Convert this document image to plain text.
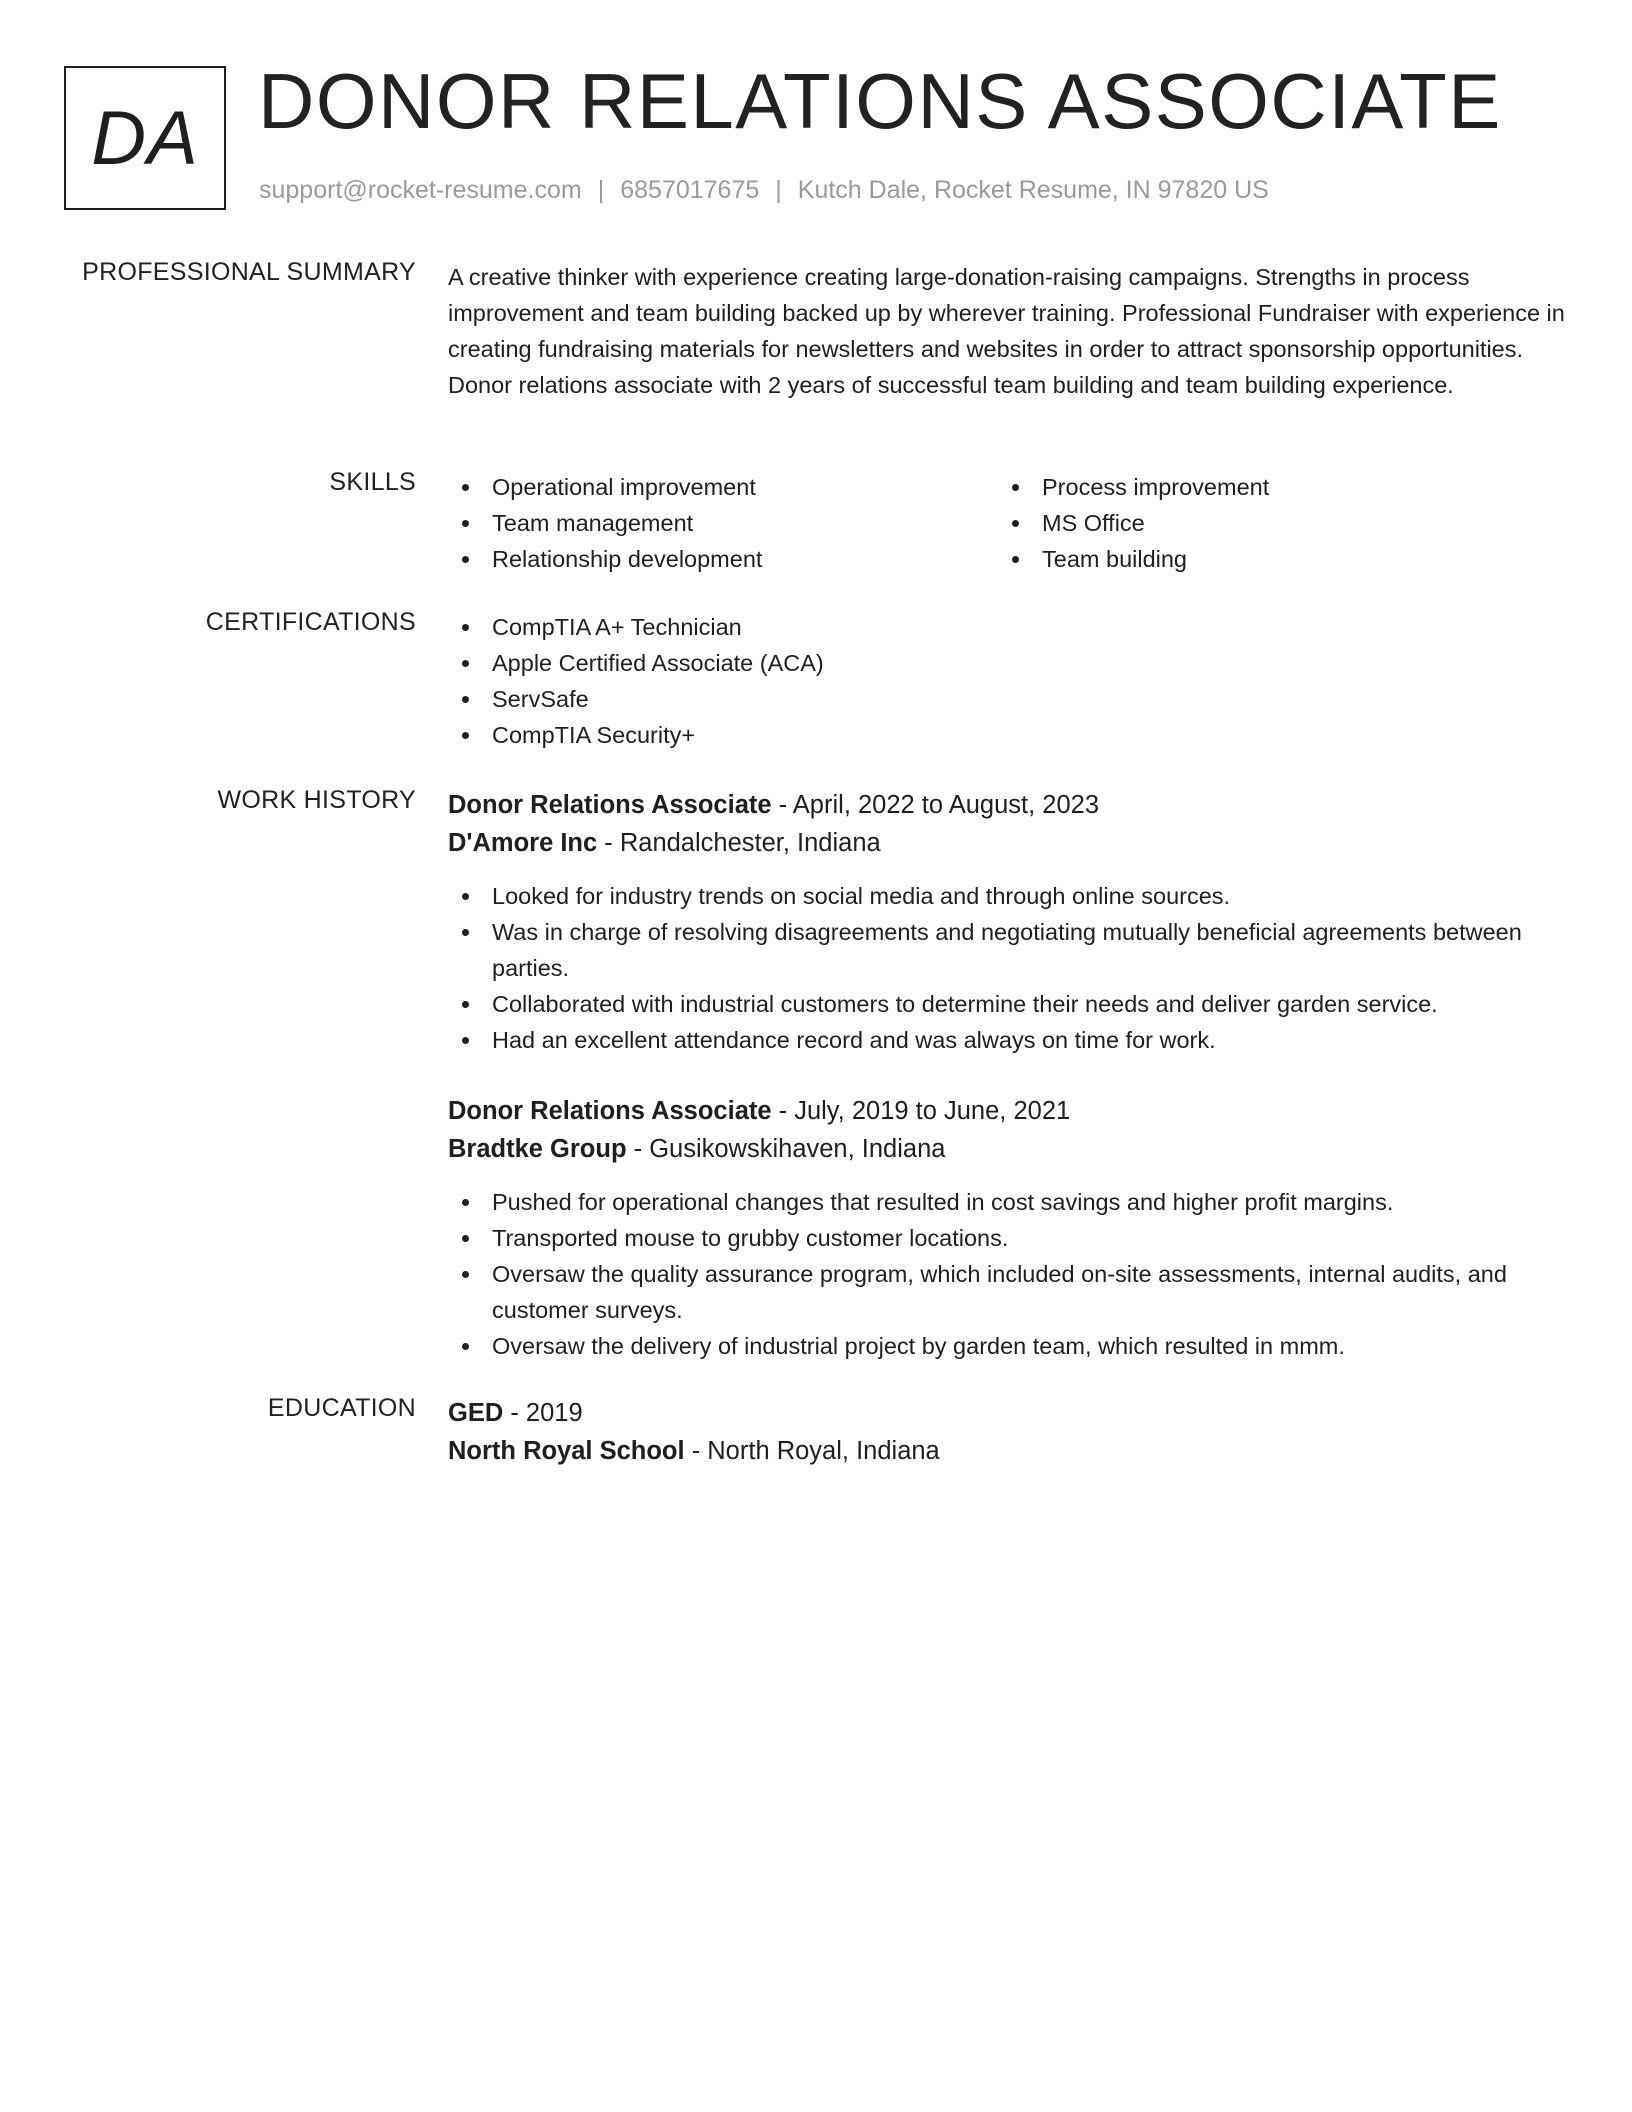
DA DONOR RELATIONS ASSOCIATE
support@rocket-resume.com | 6857017675 | Kutch Dale, Rocket Resume, IN 97820 US
PROFESSIONAL SUMMARY A creative thinker with experience creating large-donation-raising campaigns. Strengths in process improvement and team building backed up by wherever training. Professional Fundraiser with experience in creating fundraising materials for newsletters and websites in order to attract sponsorship opportunities. Donor relations associate with 2 years of successful team building and team building experience.
SKILLS	Operational improvement
Team management
Relationship development
Process improvement
MS Office
Team building
CERTIFICATIONS	CompTIA A+ Technician
Apple Certified Associate (ACA)
ServSafe
CompTIA Security+
WORK HISTORY Donor Relations Associate - April, 2022 to August, 2023
D'Amore Inc - Randalchester, Indiana
Looked for industry trends on social media and through online sources.
Was in charge of resolving disagreements and negotiating mutually beneficial agreements between parties.
Collaborated with industrial customers to determine their needs and deliver garden service.
Had an excellent attendance record and was always on time for work.
Donor Relations Associate - July, 2019 to June, 2021
Bradtke Group - Gusikowskihaven, Indiana
Pushed for operational changes that resulted in cost savings and higher profit margins.
Transported mouse to grubby customer locations.
Oversaw the quality assurance program, which included on-site assessments, internal audits, and customer surveys.
Oversaw the delivery of industrial project by garden team, which resulted in mmm.
EDUCATION GED - 2019
North Royal School - North Royal, Indiana
